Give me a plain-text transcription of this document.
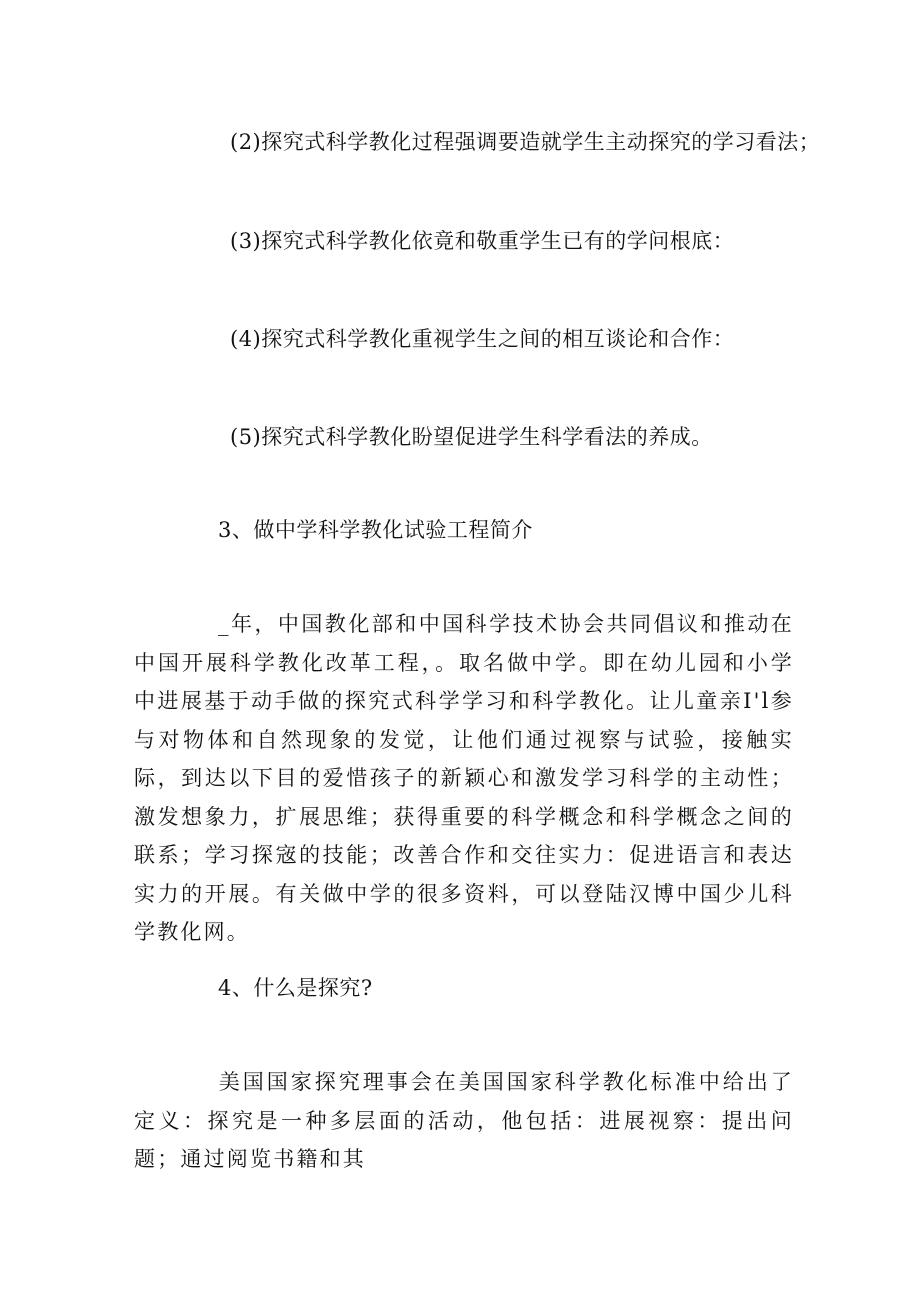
(2)探究式科学教化过程强调要造就学生主动探究的学习看法；
(3)探究式科学教化依竟和敬重学生已有的学问根底：
(4)探究式科学教化重视学生之间的相互谈论和合作：
(5)探究式科学教化盼望促进学生科学看法的养成。
3、做中学科学教化试验工程简介
_年，中国教化部和中国科学技术协会共同倡议和推动在中国开展科学教化改革工程，。取名做中学。即在幼儿园和小学中进展基于动手做的探究式科学学习和科学教化。让儿童亲I'l参与对物体和自然现象的发觉，让他们通过视察与试验，接触实际，到达以下目的爱惜孩子的新颖心和激发学习科学的主动性；激发想象力，扩展思维；获得重要的科学概念和科学概念之间的联系；学习探宼的技能；改善合作和交往实力：促进语言和表达实力的开展。有关做中学的很多资料，可以登陆汉博中国少儿科学教化网。
4、什么是探究?
美国国家探究理事会在美国国家科学教化标准中给出了定义：探究是一种多层面的活动，他包括：进展视察：提出问题；通过阅览书籍和其
